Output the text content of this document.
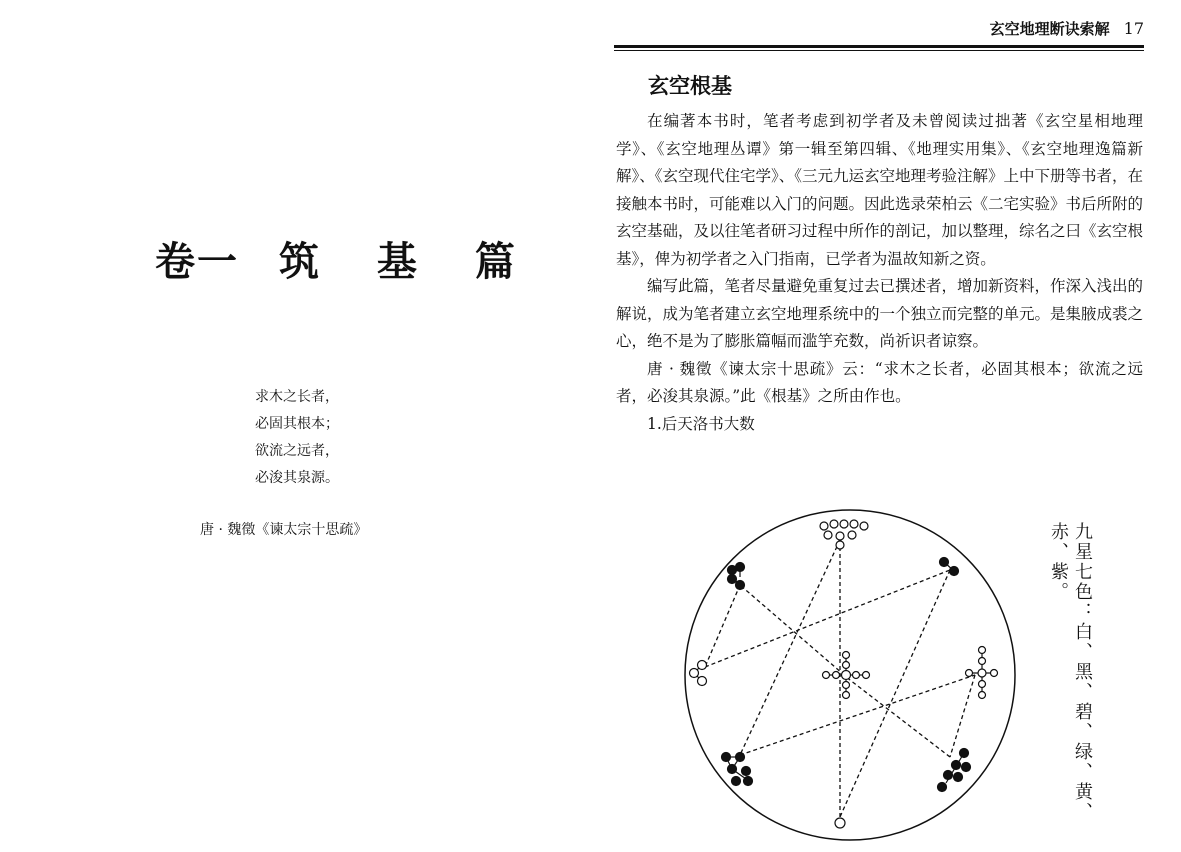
卷一 筑 基 篇
求木之长者，
必固其根本；
欲流之远者，
必浚其泉源。
唐 · 魏徵《谏太宗十思疏》
玄空地理断诀索解 17
玄空根基

在编著本书时，笔者考虑到初学者及未曾阅读过拙著《玄空星相地理学》、《玄空地理丛谭》第一辑至第四辑、《地理实用集》、《玄空地理逸篇新解》、《玄空现代住宅学》、《三元九运玄空地理考验注解》上中下册等书者，在接触本书时，可能难以入门的问题。因此选录荣柏云《二宅实验》书后所附的玄空基础，及以往笔者研习过程中所作的剖记，加以整理，综名之曰《玄空根基》，俾为初学者之入门指南，已学者为温故知新之资。

编写此篇，笔者尽量避免重复过去已撰述者，增加新资料，作深入浅出的解说，成为笔者建立玄空地理系统中的一个独立而完整的单元。是集腋成裘之心，绝不是为了膨胀篇幅而滥竽充数，尚祈识者谅察。

唐 · 魏徵《谏太宗十思疏》云：“求木之长者，必固其根本；欲流之远者，必浚其泉源。”此《根基》之所由作也。

1.后天洛书大数

九星七色：白、黑、碧、绿、黄、赤、紫。
